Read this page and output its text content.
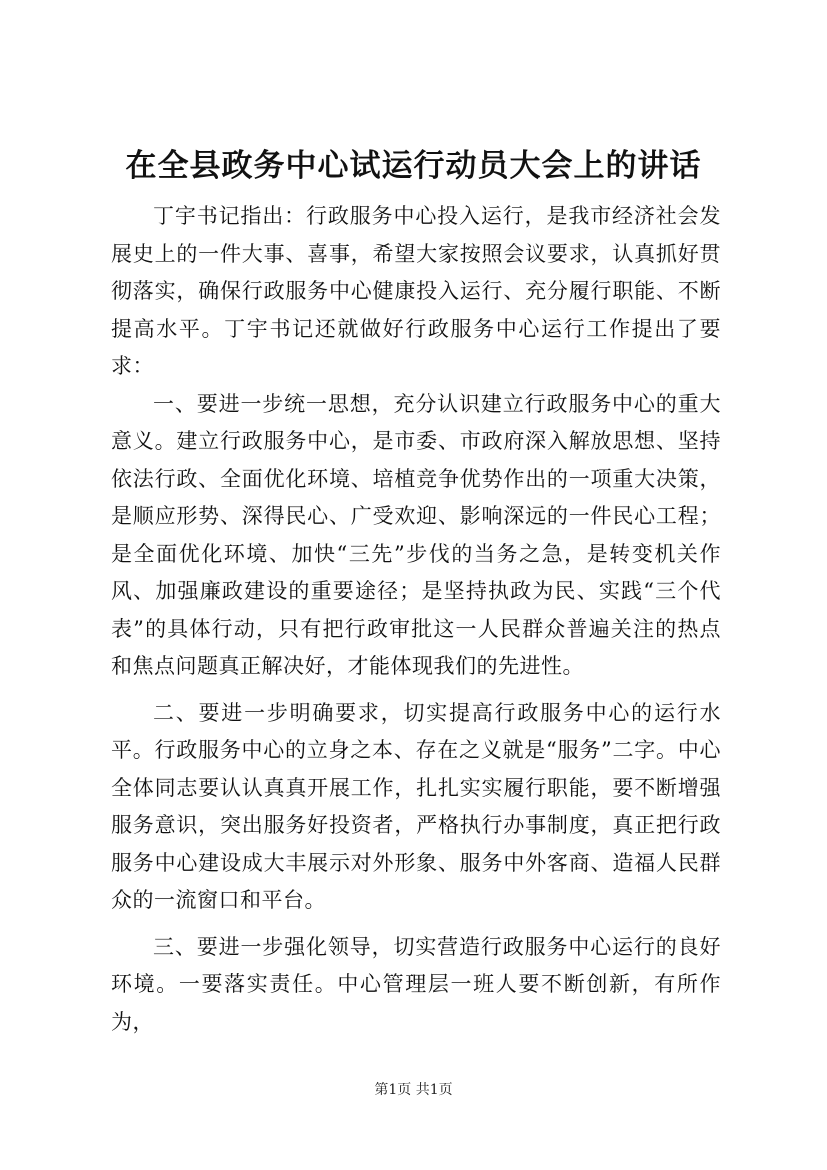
在全县政务中心试运行动员大会上的讲话

丁宇书记指出：行政服务中心投入运行，是我市经济社会发展史上的一件大事、喜事，希望大家按照会议要求，认真抓好贯彻落实，确保行政服务中心健康投入运行、充分履行职能、不断提高水平。丁宇书记还就做好行政服务中心运行工作提出了要求：

一、要进一步统一思想，充分认识建立行政服务中心的重大意义。建立行政服务中心，是市委、市政府深入解放思想、坚持依法行政、全面优化环境、培植竞争优势作出的一项重大决策，是顺应形势、深得民心、广受欢迎、影响深远的一件民心工程；是全面优化环境、加快“三先”步伐的当务之急，是转变机关作风、加强廉政建设的重要途径；是坚持执政为民、实践“三个代表”的具体行动，只有把行政审批这一人民群众普遍关注的热点和焦点问题真正解决好，才能体现我们的先进性。

二、要进一步明确要求，切实提高行政服务中心的运行水平。行政服务中心的立身之本、存在之义就是“服务”二字。中心全体同志要认认真真开展工作，扎扎实实履行职能，要不断增强服务意识，突出服务好投资者，严格执行办事制度，真正把行政服务中心建设成大丰展示对外形象、服务中外客商、造福人民群众的一流窗口和平台。

三、要进一步强化领导，切实营造行政服务中心运行的良好环境。一要落实责任。中心管理层一班人要不断创新，有所作为，

第1页 共1页
